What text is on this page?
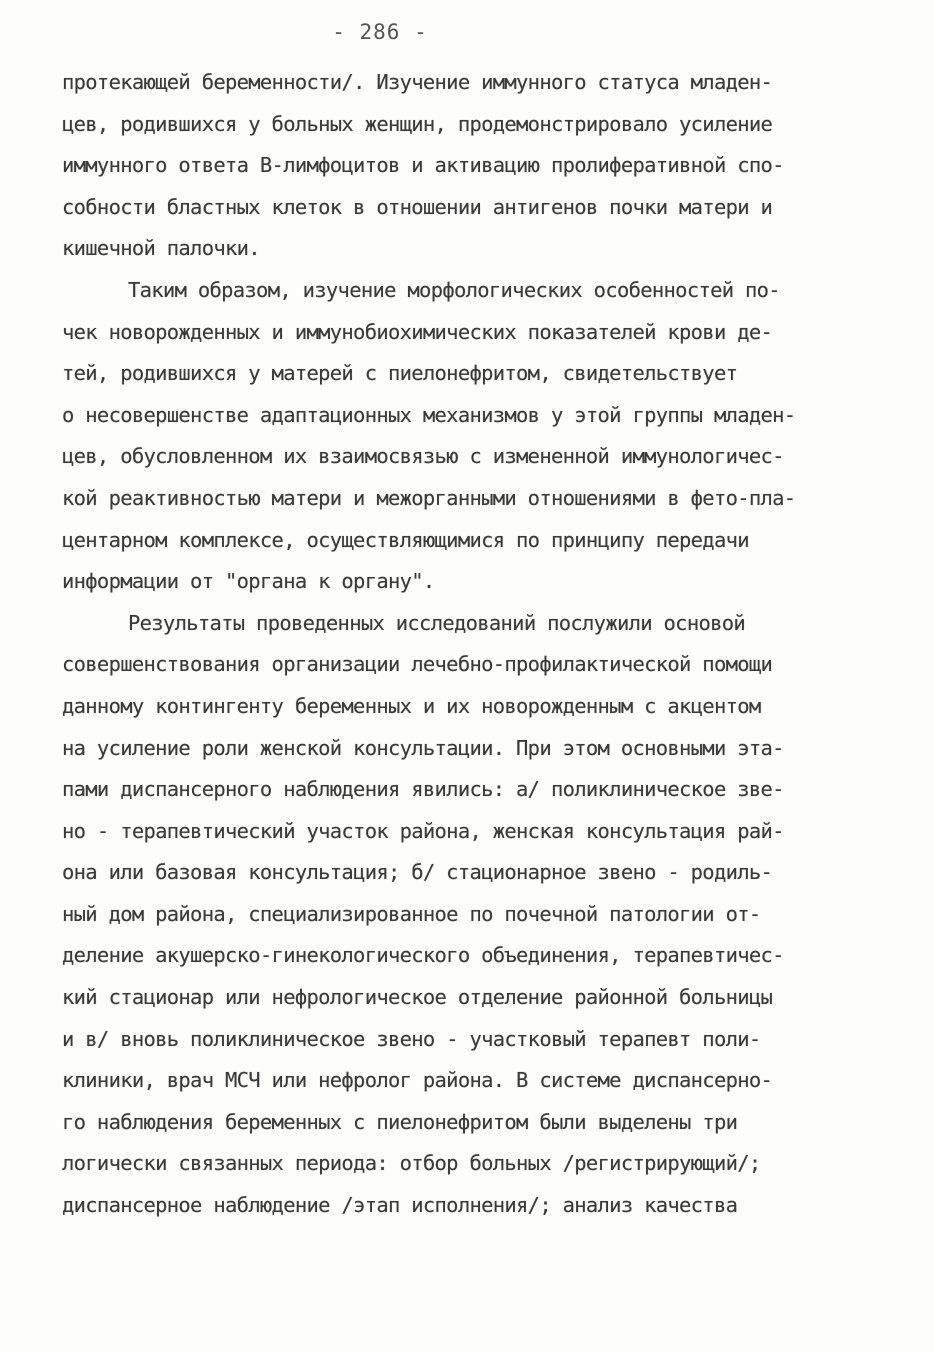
- 286 -
протекающей беременности/. Изучение иммунного статуса младен-
цев, родившихся у больных женщин, продемонстрировало усиление
иммунного ответа В-лимфоцитов и активацию пролиферативной спо-
собности бластных клеток в отношении антигенов почки матери и
кишечной палочки.
Таким образом, изучение морфологических особенностей по-
чек новорожденных и иммунобиохимических показателей крови де-
тей, родившихся у матерей с пиелонефритом, свидетельствует
о несовершенстве адаптационных механизмов у этой группы младен-
цев, обусловленном их взаимосвязью с измененной иммунологичес-
кой реактивностью матери и межорганными отношениями в фето-пла-
центарном комплексе, осуществляющимися по принципу передачи
информации от "органа к органу".
Результаты проведенных исследований послужили основой
совершенствования организации лечебно-профилактической помощи
данному контингенту беременных и их новорожденным с акцентом
на усиление роли женской консультации. При этом основными эта-
пами диспансерного наблюдения явились: а/ поликлиническое зве-
но - терапевтический участок района, женская консультация рай-
она или базовая консультация; б/ стационарное звено - родиль-
ный дом района, специализированное по почечной патологии от-
деление акушерско-гинекологического объединения, терапевтичес-
кий стационар или нефрологическое отделение районной больницы
и в/ вновь поликлиническое звено - участковый терапевт поли-
клиники, врач МСЧ или нефролог района. В системе диспансерно-
го наблюдения беременных с пиелонефритом были выделены три
логически связанных периода: отбор больных /регистрирующий/;
диспансерное наблюдение /этап исполнения/; анализ качества
